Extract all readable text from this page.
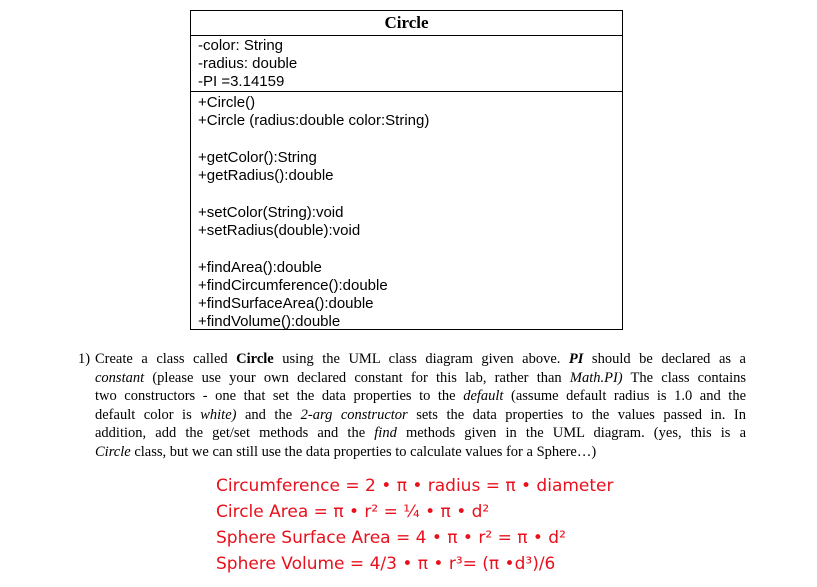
Circle
-color: String
-radius: double
-PI =3.14159
+Circle()
+Circle (radius:double color:String)
+getColor():String
+getRadius():double
+setColor(String):void
+setRadius(double):void
+findArea():double
+findCircumference():double
+findSurfaceArea():double
+findVolume():double
1) Create a class called Circle using the UML class diagram given above. PI should be declared as a
constant (please use your own declared constant for this lab, rather than Math.PI) The class contains
two constructors - one that set the data properties to the default (assume default radius is 1.0 and the
default color is white) and the 2-arg constructor sets the data properties to the values passed in. In
addition, add the get/set methods and the find methods given in the UML diagram. (yes, this is a
Circle class, but we can still use the data properties to calculate values for a Sphere…)
Circumference = 2 • π • radius = π • diameter
Circle Area = π • r² = ¼ • π • d²
Sphere Surface Area = 4 • π • r² = π • d²
Sphere Volume = 4/3 • π • r³= (π •d³)/6
